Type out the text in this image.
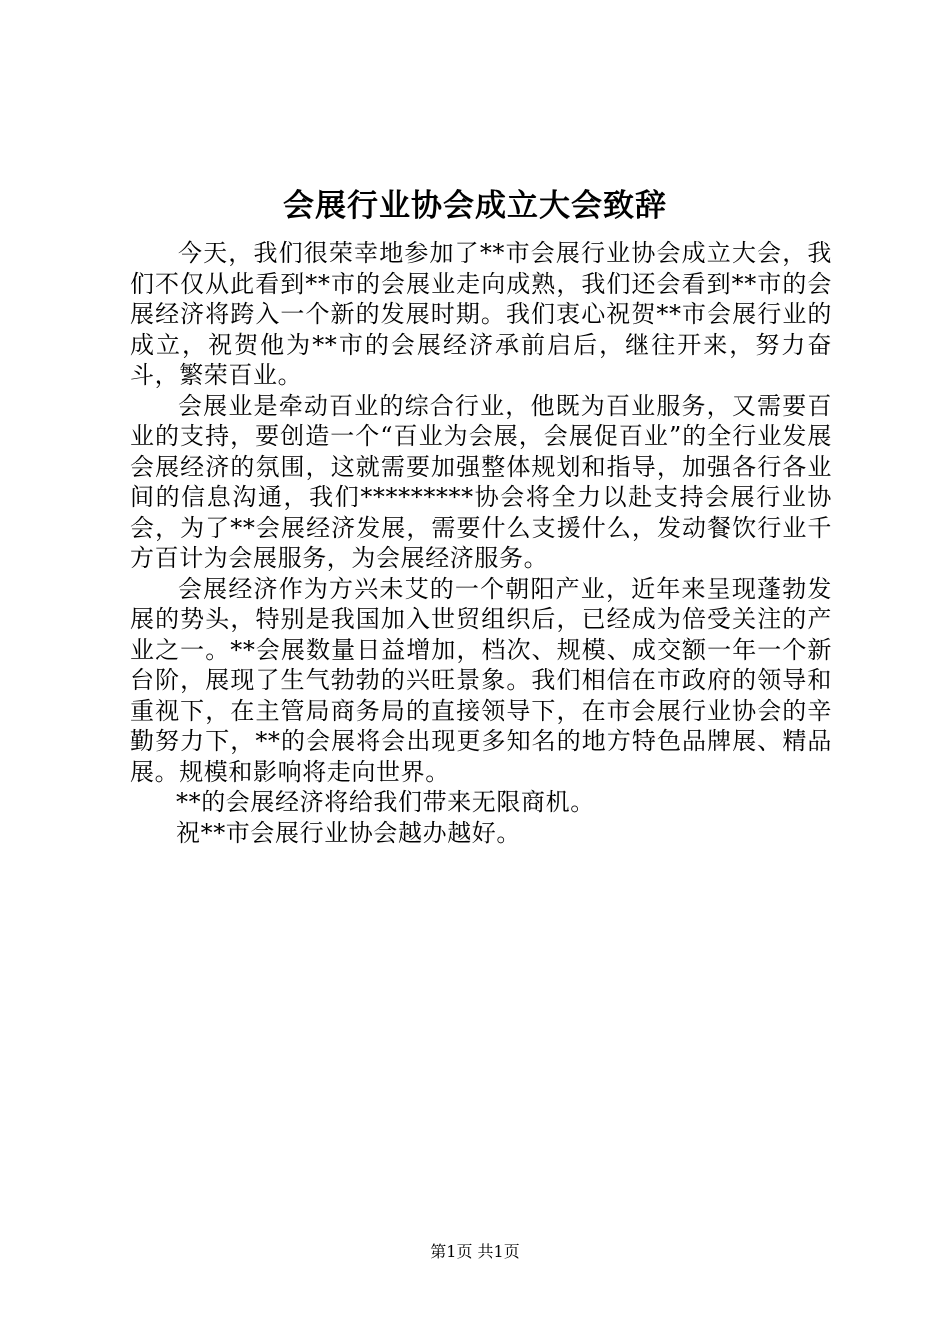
会展行业协会成立大会致辞

今天，我们很荣幸地参加了**市会展行业协会成立大会，我们不仅从此看到**市的会展业走向成熟，我们还会看到**市的会展经济将跨入一个新的发展时期。我们衷心祝贺**市会展行业的成立，祝贺他为**市的会展经济承前启后，继往开来，努力奋斗，繁荣百业。

会展业是牵动百业的综合行业，他既为百业服务，又需要百业的支持，要创造一个“百业为会展，会展促百业”的全行业发展会展经济的氛围，这就需要加强整体规划和指导，加强各行各业间的信息沟通，我们*********协会将全力以赴支持会展行业协会，为了**会展经济发展，需要什么支援什么，发动餐饮行业千方百计为会展服务，为会展经济服务。

会展经济作为方兴未艾的一个朝阳产业，近年来呈现蓬勃发展的势头，特别是我国加入世贸组织后，已经成为倍受关注的产业之一。**会展数量日益增加，档次、规模、成交额一年一个新台阶，展现了生气勃勃的兴旺景象。我们相信在市政府的领导和重视下，在主管局商务局的直接领导下，在市会展行业协会的辛勤努力下，**的会展将会出现更多知名的地方特色品牌展、精品展。规模和影响将走向世界。

**的会展经济将给我们带来无限商机。

祝**市会展行业协会越办越好。

第1页 共1页
